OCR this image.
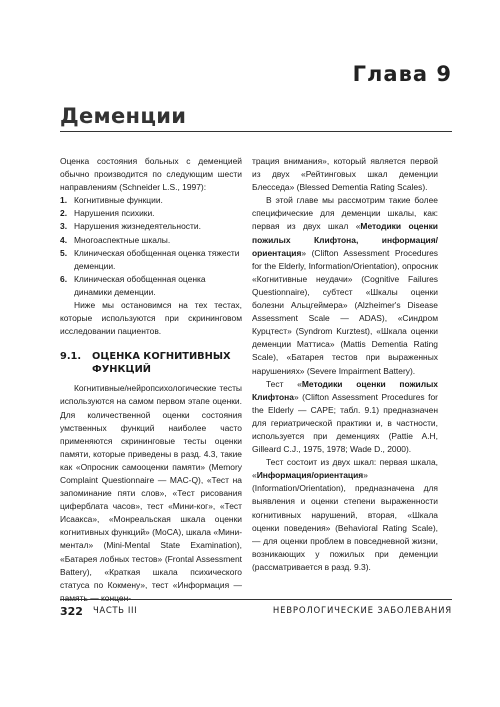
Глава 9
Деменции

Оценка состояния больных с деменцией обычно производится по следующим шести направлениям (Schneider L.S., 1997):

1. Когнитивные функции.
2. Нарушения психики.
3. Нарушения жизнедеятельности.
4. Многоаспектные шкалы.
5. Клиническая обобщенная оценка тяжести деменции.
6. Клиническая обобщенная оценка динамики деменции.

Ниже мы остановимся на тех тестах, которые используются при скрининговом исследовании пациентов.

9.1.	ОЦЕНКА КОГНИТИВНЫХ ФУНКЦИЙ

Когнитивные/нейропсихологические тесты используются на самом первом этапе оценки. Для количественной оценки состояния умственных функций наиболее часто применяются скрининговые тесты оценки памяти, которые приведены в разд. 4.3, такие как «Опросник самооценки памяти» (Memory Complaint Questionnaire — MAC-Q), «Тест на запоминание пяти слов», «Тест рисования циферблата часов», тест «Мини-ког», «Тест Исаакса», «Монреальская шкала оценки когнитивных функций» (MoCA), шкала «Мини-ментал» (Mini-Mental State Examination), «Батарея лобных тестов» (Frontal Assessment Battery), «Краткая шкала психического статуса по Кокмену», тест «Информация — память — концен-

трация внимания», который является первой из двух «Рейтинговых шкал деменции Блесседа» (Blessed Dementia Rating Scales).

В этой главе мы рассмотрим такие более специфические для деменции шкалы, как: первая из двух шкал «Методики оценки пожилых Клифтона, информация/ориентация» (Clifton Assessment Procedures for the Elderly, Information/Orientation), опросник «Когнитивные неудачи» (Cognitive Failures Questionnaire), субтест «Шкалы оценки болезни Альцгеймера» (Alzheimer's Disease Assessment Scale — ADAS), «Синдром Курцтест» (Syndrom Kurztest), «Шкала оценки деменции Маттиса» (Mattis Dementia Rating Scale), «Батарея тестов при выраженных нарушениях» (Severe Impairment Battery).

Тест «Методики оценки пожилых Клифтона» (Clifton Assessment Procedures for the Elderly — CAPE; табл. 9.1) предназначен для гериатрической практики и, в частности, используется при деменциях (Pattie A.H, Gilleard C.J., 1975, 1978; Wade D., 2000).

Тест состоит из двух шкал: первая шкала, «Информация/ориентация» (Information/Orientation), предназначена для выявления и оценки степени выраженности когнитивных нарушений, вторая, «Шкала оценки поведения» (Behavioral Rating Scale), — для оценки проблем в повседневной жизни, возникающих у пожилых при деменции (рассматривается в разд. 9.3).

322 ЧАСТЬ III	НЕВРОЛОГИЧЕСКИЕ ЗАБОЛЕВАНИЯ
